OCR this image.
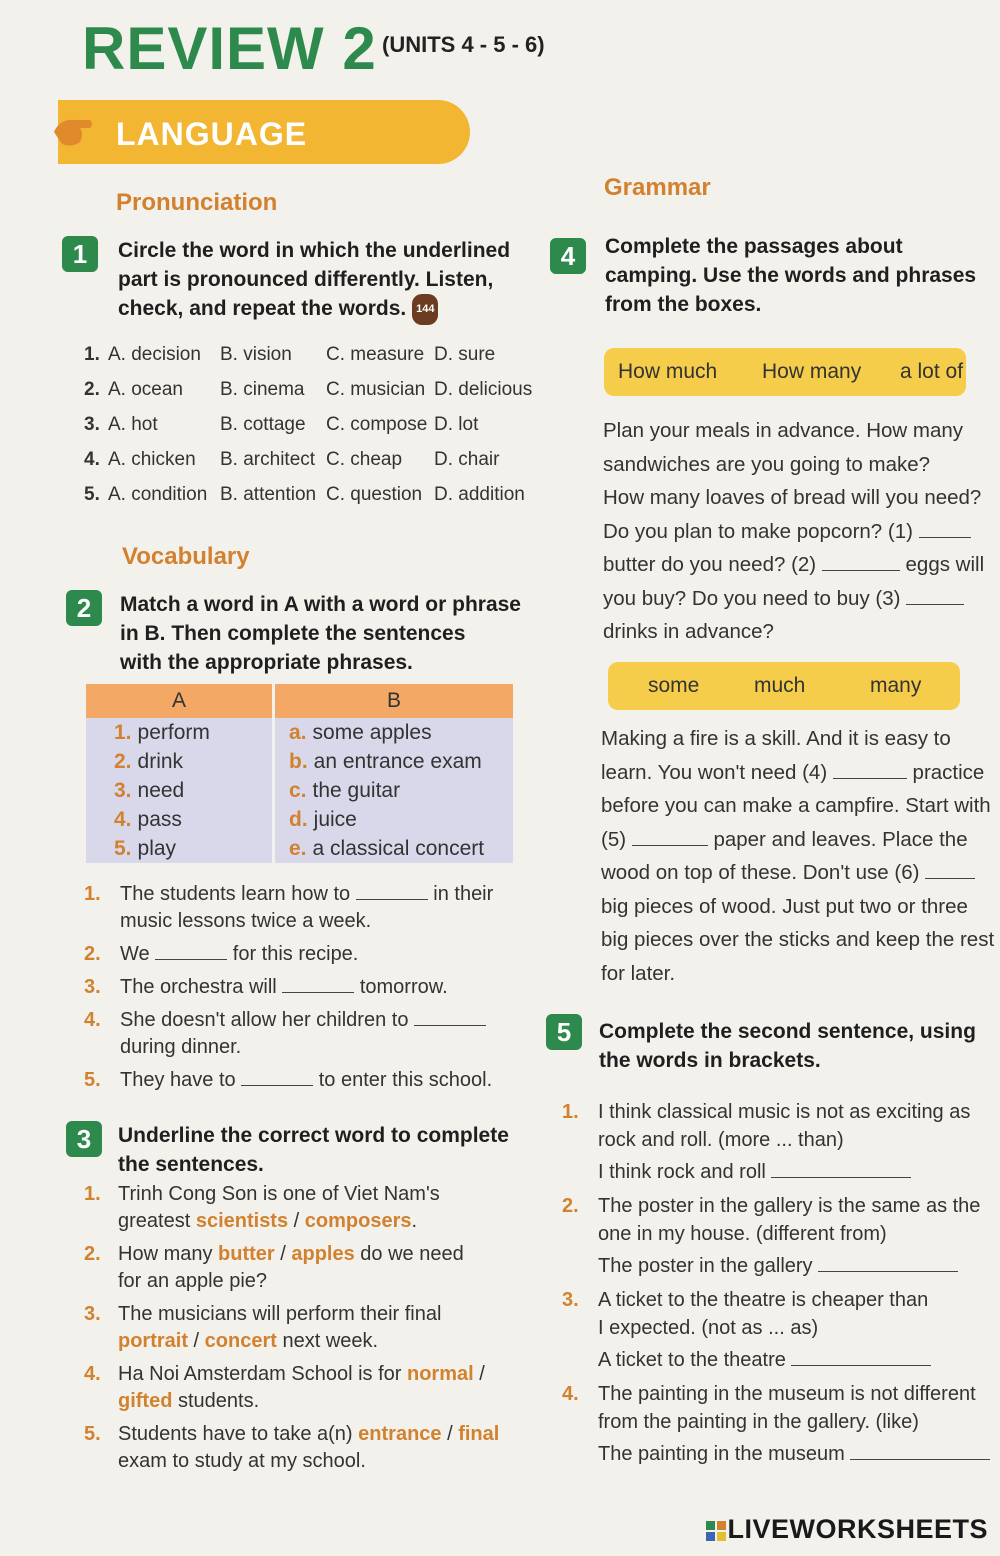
REVIEW 2 (UNITS 4 - 5 - 6)
LANGUAGE
Pronunciation
1	Circle the word in which the underlined
part is pronounced differently. Listen,
check, and repeat the words. 144
1. A. decision B. vision C. measure D. sure
2. A. ocean B. cinema C. musician D. delicious
3. A. hot	B. cottage C. compose D. lot
4. A. chicken B. architect C. cheap D. chair
5. A. condition B. attention C. question D. addition
Vocabulary
2	Match a word in A with a word or phrase
in B. Then complete the sentences
with the appropriate phrases.
A	B
1. perform	a. some apples
2. drink	b. an entrance exam
3. need	c. the guitar
4. pass	d. juice
5. play	e. a classical concert
1. The students learn how to	in their
music lessons twice a week.
2. We	for this recipe.
3. The orchestra will	tomorrow.
4. She doesn't allow her children to
during dinner.
5. They have to	to enter this school.
3	Underline the correct word to complete
the sentences.
1. Trinh Cong Son is one of Viet Nam's
greatest scientists / composers.
2. How many butter / apples do we need
for an apple pie?
3. The musicians will perform their final
portrait / concert next week.
4. Ha Noi Amsterdam School is for normal /
gifted students.
5. Students have to take a(n) entrance / final
exam to study at my school.
Grammar
4	Complete the passages about
camping. Use the words and phrases
from the boxes.
How much How many a lot of
Plan your meals in advance. How many
sandwiches are you going to make?
How many loaves of bread will you need?
Do you plan to make popcorn? (1)
butter do you need? (2)	eggs will
you buy? Do you need to buy (3)
drinks in advance?
some	much	many
Making a fire is a skill. And it is easy to
learn. You won't need (4)	practice
before you can make a campfire. Start with
(5)	paper and leaves. Place the
wood on top of these. Don't use (6)
big pieces of wood. Just put two or three
big pieces over the sticks and keep the rest
for later.
5	Complete the second sentence, using
the words in brackets.
1. I think classical music is not as exciting as
rock and roll. (more ... than)
I think rock and roll
2. The poster in the gallery is the same as the
one in my house. (different from)
The poster in the gallery
3. A ticket to the theatre is cheaper than
I expected. (not as ... as)
A ticket to the theatre
4. The painting in the museum is not different
from the painting in the gallery. (like)
The painting in the museum

LIVEWORKSHEETS
